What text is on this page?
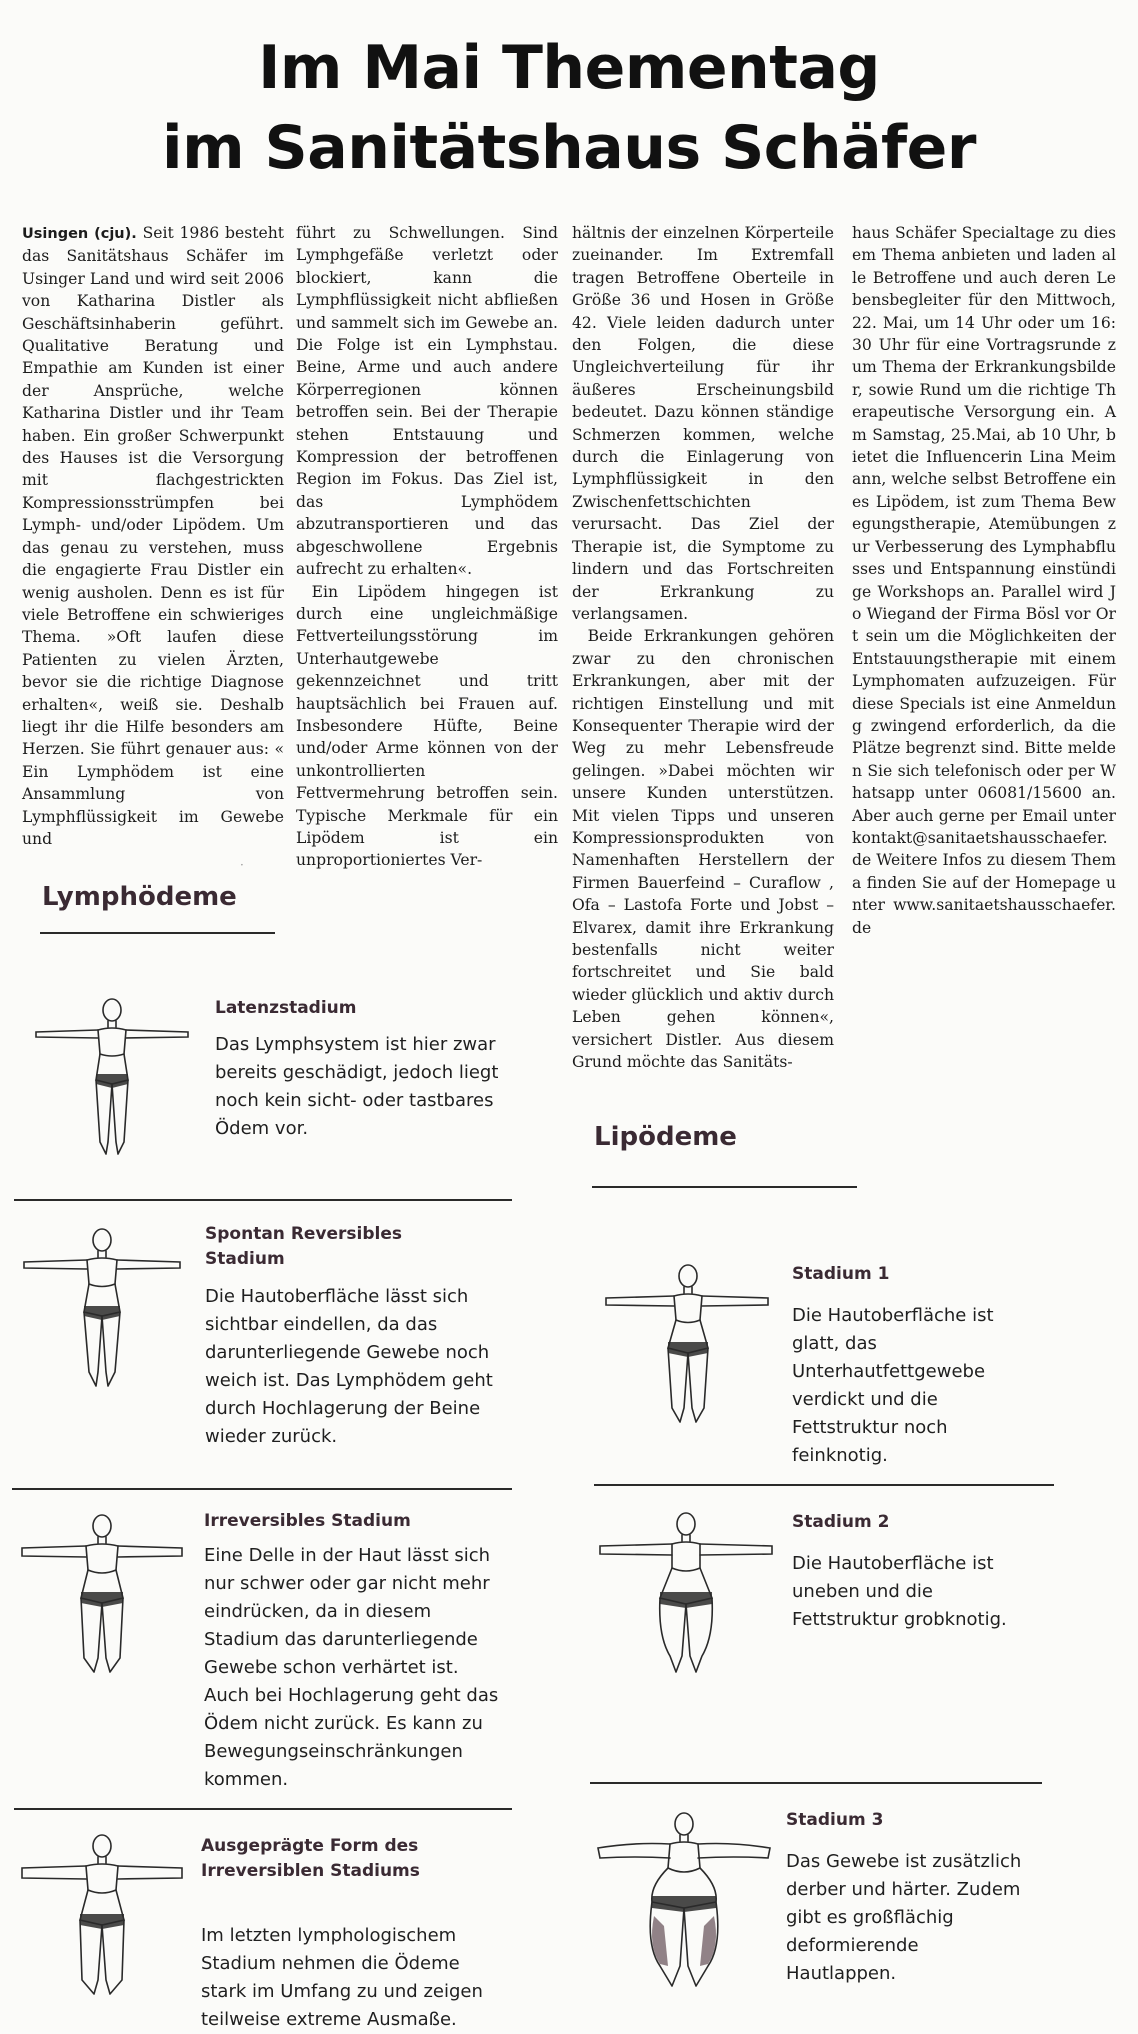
Im Mai Thementag
im Sanitätshaus Schäfer

Usingen (cju). Seit 1986 besteht das Sanitätshaus Schäfer im Usinger Land und wird seit 2006 von Katharina Distler als Geschäftsinhaberin geführt. Qualitative Beratung und Empathie am Kunden ist einer der Ansprüche, welche Katharina Distler und ihr Team haben. Ein großer Schwerpunkt des Hauses ist die Versorgung mit flachgestrickten Kompressionsstrümpfen bei Lymph- und/oder Lipödem. Um das genau zu verstehen, muss die engagierte Frau Distler ein wenig ausholen. Denn es ist für viele Betroffene ein schwieriges Thema. »Oft laufen diese Patienten zu vielen Ärzten, bevor sie die richtige Diagnose erhalten«, weiß sie. Deshalb liegt ihr die Hilfe besonders am Herzen. Sie führt genauer aus: « Ein Lymphödem ist eine Ansammlung von Lymphflüssigkeit im Gewebe und

führt zu Schwellungen. Sind Lymphgefäße verletzt oder blockiert, kann die Lymphflüssigkeit nicht abfließen und sammelt sich im Gewebe an. Die Folge ist ein Lymphstau. Beine, Arme und auch andere Körperregionen können betroffen sein. Bei der Therapie stehen Entstauung und Kompression der betroffenen Region im Fokus. Das Ziel ist, das Lymphödem abzutransportieren und das abgeschwollene Ergebnis aufrecht zu erhalten«.

Ein Lipödem hingegen ist durch eine ungleichmäßige Fettverteilungsstörung im Unterhautgewebe gekennzeichnet und tritt hauptsächlich bei Frauen auf. Insbesondere Hüfte, Beine und/oder Arme können von der unkontrollierten Fettvermehrung betroffen sein. Typische Merkmale für ein Lipödem ist ein unproportioniertes Ver-

hältnis der einzelnen Körperteile zueinander. Im Extremfall tragen Betroffene Oberteile in Größe 36 und Hosen in Größe 42. Viele leiden dadurch unter den Folgen, die diese Ungleichverteilung für ihr äußeres Erscheinungsbild bedeutet. Dazu können ständige Schmerzen kommen, welche durch die Einlagerung von Lymphflüssigkeit in den Zwischenfettschichten verursacht. Das Ziel der Therapie ist, die Symptome zu lindern und das Fortschreiten der Erkrankung zu verlangsamen.

Beide Erkrankungen gehören zwar zu den chronischen Erkrankungen, aber mit der richtigen Einstellung und mit Konsequenter Therapie wird der Weg zu mehr Lebensfreude gelingen. »Dabei möchten wir unsere Kunden unterstützen. Mit vielen Tipps und unseren Kompressionsprodukten von Namenhaften Herstellern der Firmen Bauerfeind – Curaflow , Ofa – Lastofa Forte und Jobst – Elvarex, damit ihre Erkrankung bestenfalls nicht weiter fortschreitet und Sie bald wieder glücklich und aktiv durch Leben gehen können«, versichert Distler. Aus diesem Grund möchte das Sanitäts-

haus Schäfer Specialtage zu diesem Thema anbieten und laden alle Betroffene und auch deren Lebensbegleiter für den Mittwoch, 22. Mai, um 14 Uhr oder um 16:30 Uhr für eine Vortragsrunde zum Thema der Erkrankungsbilder, sowie Rund um die richtige Therapeutische Versorgung ein. Am Samstag, 25.Mai, ab 10 Uhr, bietet die Influencerin Lina Meimann, welche selbst Betroffene eines Lipödem, ist zum Thema Bewegungstherapie, Atemübungen zur Verbesserung des Lymphabflusses und Entspannung einstündige Workshops an. Parallel wird Jo Wiegand der Firma Bösl vor Ort sein um die Möglichkeiten der Entstauungstherapie mit einem Lymphomaten aufzuzeigen. Für diese Specials ist eine Anmeldung zwingend erforderlich, da die Plätze begrenzt sind. Bitte melden Sie sich telefonisch oder per Whatsapp unter 06081/15600 an. Aber auch gerne per Email unter kontakt@sanitaetshausschaefer.de Weitere Infos zu diesem Thema finden Sie auf der Homepage unter www.sanitaetshausschaefer.de

·
Lymphödeme
Latenzstadium
Das Lymphsystem ist hier zwar bereits geschädigt, jedoch liegt noch kein sicht- oder tastbares Ödem vor.
Spontan Reversibles Stadium
Die Hautoberfläche lässt sich sichtbar eindellen, da das darunterliegende Gewebe noch weich ist. Das Lymphödem geht durch Hochlagerung der Beine wieder zurück.
Irreversibles Stadium
Eine Delle in der Haut lässt sich nur schwer oder gar nicht mehr eindrücken, da in diesem Stadium das darunterliegende Gewebe schon verhärtet ist. Auch bei Hochlagerung geht das Ödem nicht zurück. Es kann zu Bewegungseinschränkungen kommen.
Ausgeprägte Form des Irreversiblen Stadiums
Im letzten lymphologischem Stadium nehmen die Ödeme stark im Umfang zu und zeigen teilweise extreme Ausmaße.
Lipödeme
Stadium 1
Die Hautoberfläche ist glatt, das Unterhautfettgewebe verdickt und die Fettstruktur noch feinknotig.
Stadium 2
Die Hautoberfläche ist uneben und die Fettstruktur grobknotig.
Stadium 3
Das Gewebe ist zusätzlich derber und härter. Zudem gibt es großflächig deformierende Hautlappen.
